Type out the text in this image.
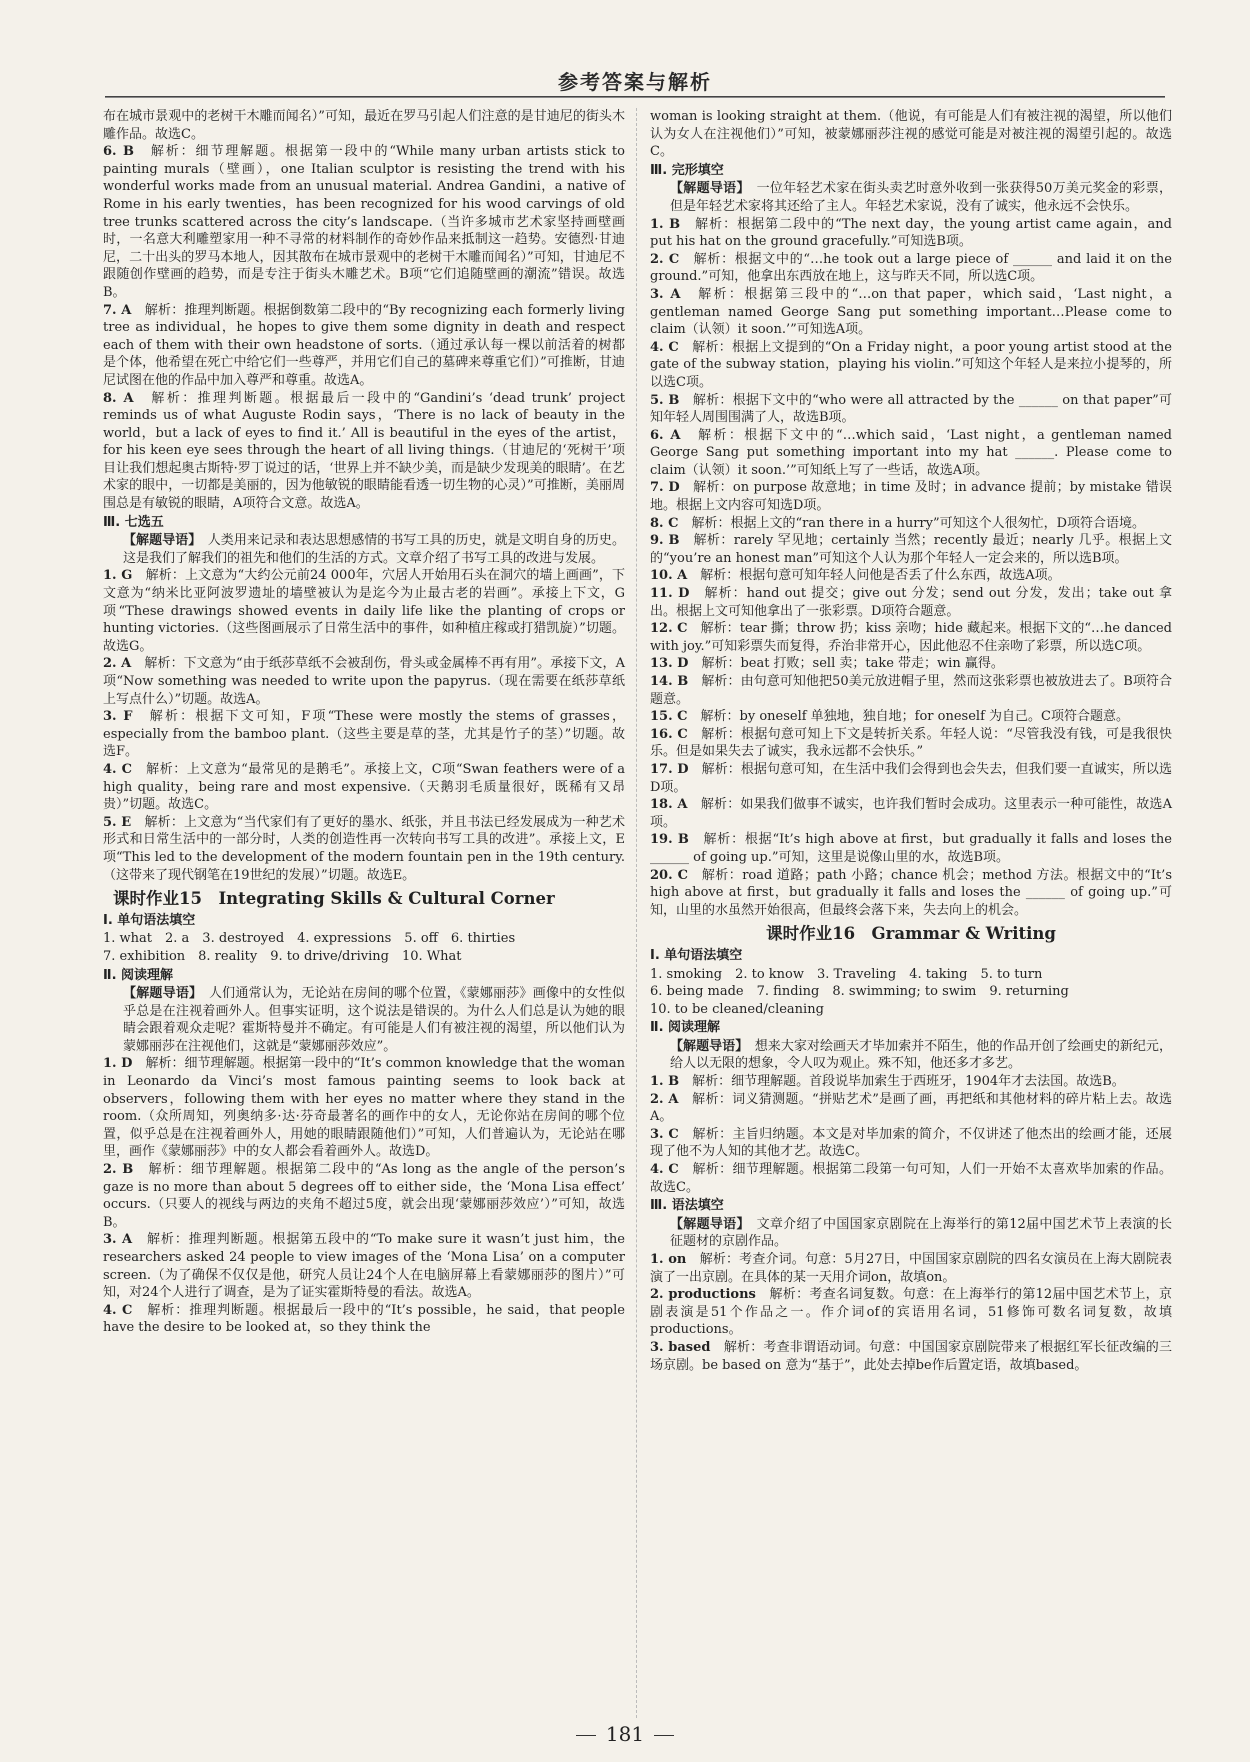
参考答案与解析
布在城市景观中的老树干木雕而闻名）”可知，最近在罗马引起人们注意的是甘迪尼的街头木雕作品。故选C。
6. B　 解析：细节理解题。根据第一段中的“While many urban artists stick to painting murals（壁画），one Italian sculptor is resisting the trend with his wonderful works made from an unusual material. Andrea Gandini，a native of Rome in his early twenties，has been recognized for his wood carvings of old tree trunks scattered across the city’s landscape.（当许多城市艺术家坚持画壁画时，一名意大利雕塑家用一种不寻常的材料制作的奇妙作品来抵制这一趋势。安德烈·甘迪尼，二十出头的罗马本地人，因其散布在城市景观中的老树干木雕而闻名）”可知，甘迪尼不跟随创作壁画的趋势，而是专注于街头木雕艺术。B项“它们追随壁画的潮流”错误。故选B。
7. A　 解析：推理判断题。根据倒数第二段中的“By recognizing each formerly living tree as individual，he hopes to give them some dignity in death and respect each of them with their own headstone of sorts.（通过承认每一棵以前活着的树都是个体，他希望在死亡中给它们一些尊严，并用它们自己的墓碑来尊重它们）”可推断，甘迪尼试图在他的作品中加入尊严和尊重。故选A。
8. A　 解析：推理判断题。根据最后一段中的“Gandini’s ‘dead trunk’ project reminds us of what Auguste Rodin says，‘There is no lack of beauty in the world，but a lack of eyes to find it.’ All is beautiful in the eyes of the artist，for his keen eye sees through the heart of all living things.（甘迪尼的‘死树干’项目让我们想起奥古斯特·罗丁说过的话，‘世界上并不缺少美，而是缺少发现美的眼睛’。在艺术家的眼中，一切都是美丽的，因为他敏锐的眼睛能看透一切生物的心灵）”可推断，美丽周围总是有敏锐的眼睛，A项符合文意。故选A。
Ⅲ. 七选五
【解题导语】　人类用来记录和表达思想感情的书写工具的历史，就是文明自身的历史。这是我们了解我们的祖先和他们的生活的方式。文章介绍了书写工具的改进与发展。
1. G　 解析：上文意为“大约公元前24 000年，穴居人开始用石头在洞穴的墙上画画”，下文意为“纳米比亚阿波罗遗址的墙壁被认为是迄今为止最古老的岩画”。承接上下文，G项“These drawings showed events in daily life like the planting of crops or hunting victories.（这些图画展示了日常生活中的事件，如种植庄稼或打猎凯旋）”切题。故选G。
2. A　 解析：下文意为“由于纸莎草纸不会被刮伤，骨头或金属棒不再有用”。承接下文，A项“Now something was needed to write upon the papyrus.（现在需要在纸莎草纸上写点什么）”切题。故选A。
3. F　 解析：根据下文可知，F项“These were mostly the stems of grasses，especially from the bamboo plant.（这些主要是草的茎，尤其是竹子的茎）”切题。故选F。
4. C　 解析：上文意为“最常见的是鹅毛”。承接上文，C项“Swan feathers were of a high quality，being rare and most expensive.（天鹅羽毛质量很好，既稀有又昂贵）”切题。故选C。
5. E　 解析：上文意为“当代家们有了更好的墨水、纸张，并且书法已经发展成为一种艺术形式和日常生活中的一部分时，人类的创造性再一次转向书写工具的改进”。承接上文，E项“This led to the development of the modern fountain pen in the 19th century.（这带来了现代钢笔在19世纪的发展）”切题。故选E。
课时作业15　Integrating Skills & Cultural Corner
Ⅰ. 单句语法填空
1. what　2. a　3. destroyed　4. expressions　5. off　6. thirties
7. exhibition　8. reality　9. to drive/driving　10. What
Ⅱ. 阅读理解
【解题导语】　人们通常认为，无论站在房间的哪个位置，《蒙娜丽莎》画像中的女性似乎总是在注视着画外人。但事实证明，这个说法是错误的。为什么人们总是认为她的眼睛会跟着观众走呢？霍斯特曼并不确定。有可能是人们有被注视的渴望，所以他们认为蒙娜丽莎在注视他们，这就是“蒙娜丽莎效应”。
1. D　 解析：细节理解题。根据第一段中的“It’s common knowledge that the woman in Leonardo da Vinci’s most famous painting seems to look back at observers，following them with her eyes no matter where they stand in the room.（众所周知，列奥纳多·达·芬奇最著名的画作中的女人，无论你站在房间的哪个位置，似乎总是在注视着画外人，用她的眼睛跟随他们）”可知，人们普遍认为，无论站在哪里，画作《蒙娜丽莎》中的女人都会看着画外人。故选D。
2. B　 解析：细节理解题。根据第二段中的“As long as the angle of the person’s gaze is no more than about 5 degrees off to either side，the ‘Mona Lisa effect’ occurs.（只要人的视线与两边的夹角不超过5度，就会出现‘蒙娜丽莎效应’）”可知，故选B。
3. A　 解析：推理判断题。根据第五段中的“To make sure it wasn’t just him，the researchers asked 24 people to view images of the ‘Mona Lisa’ on a computer screen.（为了确保不仅仅是他，研究人员让24个人在电脑屏幕上看蒙娜丽莎的图片）”可知，对24个人进行了调查，是为了证实霍斯特曼的看法。故选A。
4. C　 解析：推理判断题。根据最后一段中的“It’s possible，he said，that people have the desire to be looked at，so they think the
woman is looking straight at them.（他说，有可能是人们有被注视的渴望，所以他们认为女人在注视他们）”可知，被蒙娜丽莎注视的感觉可能是对被注视的渴望引起的。故选C。
Ⅲ. 完形填空
【解题导语】　一位年轻艺术家在街头卖艺时意外收到一张获得50万美元奖金的彩票，但是年轻艺术家将其还给了主人。年轻艺术家说，没有了诚实，他永远不会快乐。
1. B　 解析：根据第二段中的“The next day，the young artist came again，and put his hat on the ground gracefully.”可知选B项。
2. C　 解析：根据文中的“…he took out a large piece of ______ and laid it on the ground.”可知，他拿出东西放在地上，这与昨天不同，所以选C项。
3. A　 解析：根据第三段中的“…on that paper，which said，‘Last night，a gentleman named George Sang put something important…Please come to claim（认领）it soon.’”可知选A项。
4. C　 解析：根据上文提到的“On a Friday night，a poor young artist stood at the gate of the subway station，playing his violin.”可知这个年轻人是来拉小提琴的，所以选C项。
5. B　 解析：根据下文中的“who were all attracted by the ______ on that paper”可知年轻人周围围满了人，故选B项。
6. A　 解析：根据下文中的“…which said，‘Last night，a gentleman named George Sang put something important into my hat ______. Please come to claim（认领）it soon.’”可知纸上写了一些话，故选A项。
7. D　 解析：on purpose 故意地；in time 及时；in advance 提前；by mistake 错误地。根据上文内容可知选D项。
8. C　 解析：根据上文的“ran there in a hurry”可知这个人很匆忙，D项符合语境。
9. B　 解析：rarely 罕见地；certainly 当然；recently 最近；nearly 几乎。根据上文的“you’re an honest man”可知这个人认为那个年轻人一定会来的，所以选B项。
10. A　 解析：根据句意可知年轻人问他是否丢了什么东西，故选A项。
11. D　 解析：hand out 提交；give out 分发；send out 分发，发出；take out 拿出。根据上文可知他拿出了一张彩票。D项符合题意。
12. C　 解析：tear 撕；throw 扔；kiss 亲吻；hide 藏起来。根据下文的“…he danced with joy.”可知彩票失而复得，乔治非常开心，因此他忍不住亲吻了彩票，所以选C项。
13. D　 解析：beat 打败；sell 卖；take 带走；win 赢得。
14. B　 解析：由句意可知他把50美元放进帽子里，然而这张彩票也被放进去了。B项符合题意。
15. C　 解析：by oneself 单独地，独自地；for oneself 为自己。C项符合题意。
16. C　 解析：根据句意可知上下文是转折关系。年轻人说：“尽管我没有钱，可是我很快乐。但是如果失去了诚实，我永远都不会快乐。”
17. D　 解析：根据句意可知，在生活中我们会得到也会失去，但我们要一直诚实，所以选D项。
18. A　 解析：如果我们做事不诚实，也许我们暂时会成功。这里表示一种可能性，故选A项。
19. B　 解析：根据“It’s high above at first，but gradually it falls and loses the ______ of going up.”可知，这里是说像山里的水，故选B项。
20. C　 解析：road 道路；path 小路；chance 机会；method 方法。根据文中的“It’s high above at first，but gradually it falls and loses the ______ of going up.”可知，山里的水虽然开始很高，但最终会落下来，失去向上的机会。
课时作业16　Grammar & Writing
Ⅰ. 单句语法填空
1. smoking　2. to know　3. Traveling　4. taking　5. to turn
6. being made　7. finding　8. swimming; to swim　9. returning
10. to be cleaned/cleaning
Ⅱ. 阅读理解
【解题导语】　想来大家对绘画天才毕加索并不陌生，他的作品开创了绘画史的新纪元，给人以无限的想象，令人叹为观止。殊不知，他还多才多艺。
1. B　 解析：细节理解题。首段说毕加索生于西班牙，1904年才去法国。故选B。
2. A　 解析：词义猜测题。“拼贴艺术”是画了画，再把纸和其他材料的碎片粘上去。故选A。
3. C　 解析：主旨归纳题。本文是对毕加索的简介，不仅讲述了他杰出的绘画才能，还展现了他不为人知的其他才艺。故选C。
4. C　 解析：细节理解题。根据第二段第一句可知，人们一开始不太喜欢毕加索的作品。故选C。
Ⅲ. 语法填空
【解题导语】　文章介绍了中国国家京剧院在上海举行的第12届中国艺术节上表演的长征题材的京剧作品。
1. on　 解析：考查介词。句意：5月27日，中国国家京剧院的四名女演员在上海大剧院表演了一出京剧。在具体的某一天用介词on，故填on。
2. productions　 解析：考查名词复数。句意：在上海举行的第12届中国艺术节上，京剧表演是51个作品之一。作介词of的宾语用名词，51修饰可数名词复数，故填productions。
3. based　 解析：考查非谓语动词。句意：中国国家京剧院带来了根据红军长征改编的三场京剧。be based on 意为“基于”，此处去掉be作后置定语，故填based。
181
